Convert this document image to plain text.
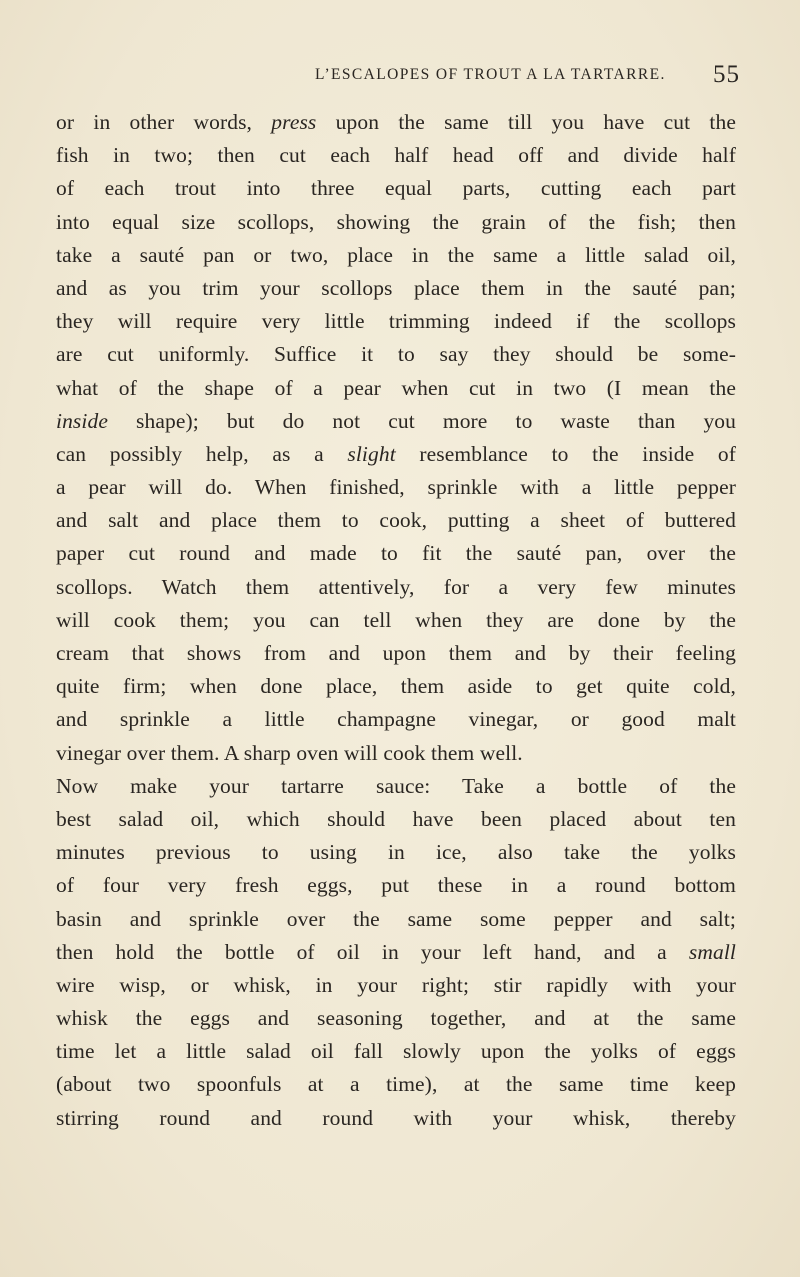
L’ESCALOPES OF TROUT A LA TARTARRE. 55
or in other words, press upon the same till you have cut the
fish in two; then cut each half head off and divide half
of each trout into three equal parts, cutting each part
into equal size scollops, showing the grain of the fish; then
take a sauté pan or two, place in the same a little salad oil,
and as you trim your scollops place them in the sauté pan;
they will require very little trimming indeed if the scollops
are cut uniformly. Suffice it to say they should be some-
what of the shape of a pear when cut in two (I mean the
inside shape); but do not cut more to waste than you
can possibly help, as a slight resemblance to the inside of
a pear will do. When finished, sprinkle with a little pepper
and salt and place them to cook, putting a sheet of buttered
paper cut round and made to fit the sauté pan, over the
scollops. Watch them attentively, for a very few minutes
will cook them; you can tell when they are done by the
cream that shows from and upon them and by their feeling
quite firm; when done place, them aside to get quite cold,
and sprinkle a little champagne vinegar, or good malt
vinegar over them. A sharp oven will cook them well.
Now make your tartarre sauce: Take a bottle of the
best salad oil, which should have been placed about ten
minutes previous to using in ice, also take the yolks
of four very fresh eggs, put these in a round bottom
basin and sprinkle over the same some pepper and salt;
then hold the bottle of oil in your left hand, and a small
wire wisp, or whisk, in your right; stir rapidly with your
whisk the eggs and seasoning together, and at the same
time let a little salad oil fall slowly upon the yolks of eggs
(about two spoonfuls at a time), at the same time keep
stirring round and round with your whisk, thereby
